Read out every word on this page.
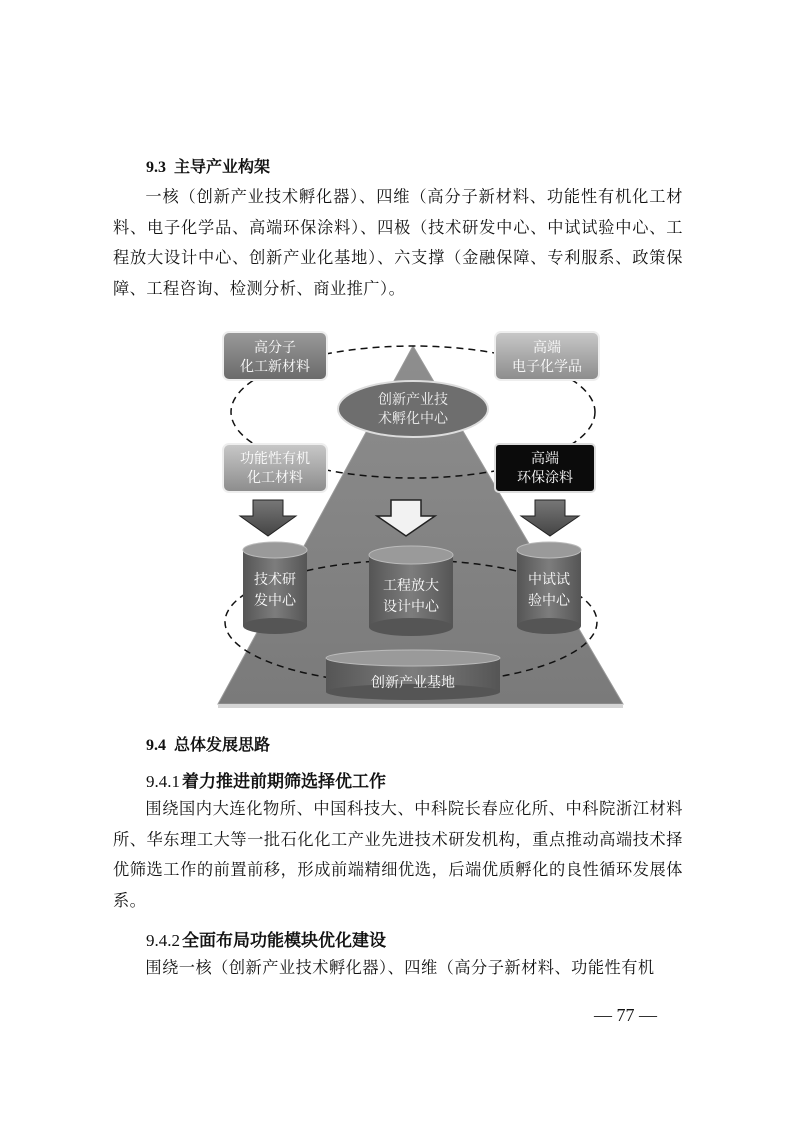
9.3 主导产业构架

一核（创新产业技术孵化器）、四维（高分子新材料、功能性有机化工材料、电子化学品、高端环保涂料）、四极（技术研发中心、中试试验中心、工程放大设计中心、创新产业化基地）、六支撑（金融保障、专利服系、政策保障、工程咨询、检测分析、商业推广）。

创新产业技
术孵化中心
高分子
化工新材料
高端
电子化学品
功能性有机
化工材料
高端
环保涂料
技术研
发中心
工程放大
设计中心
中试试
验中心
创新产业基地
9.4 总体发展思路
9.4.1 着力推进前期筛选择优工作

围绕国内大连化物所、中国科技大、中科院长春应化所、中科院浙江材料所、华东理工大等一批石化化工产业先进技术研发机构，重点推动高端技术择优筛选工作的前置前移，形成前端精细优选，后端优质孵化的良性循环发展体系。

9.4.2 全面布局功能模块优化建设

围绕一核（创新产业技术孵化器）、四维（高分子新材料、功能性有机

— 77 —
